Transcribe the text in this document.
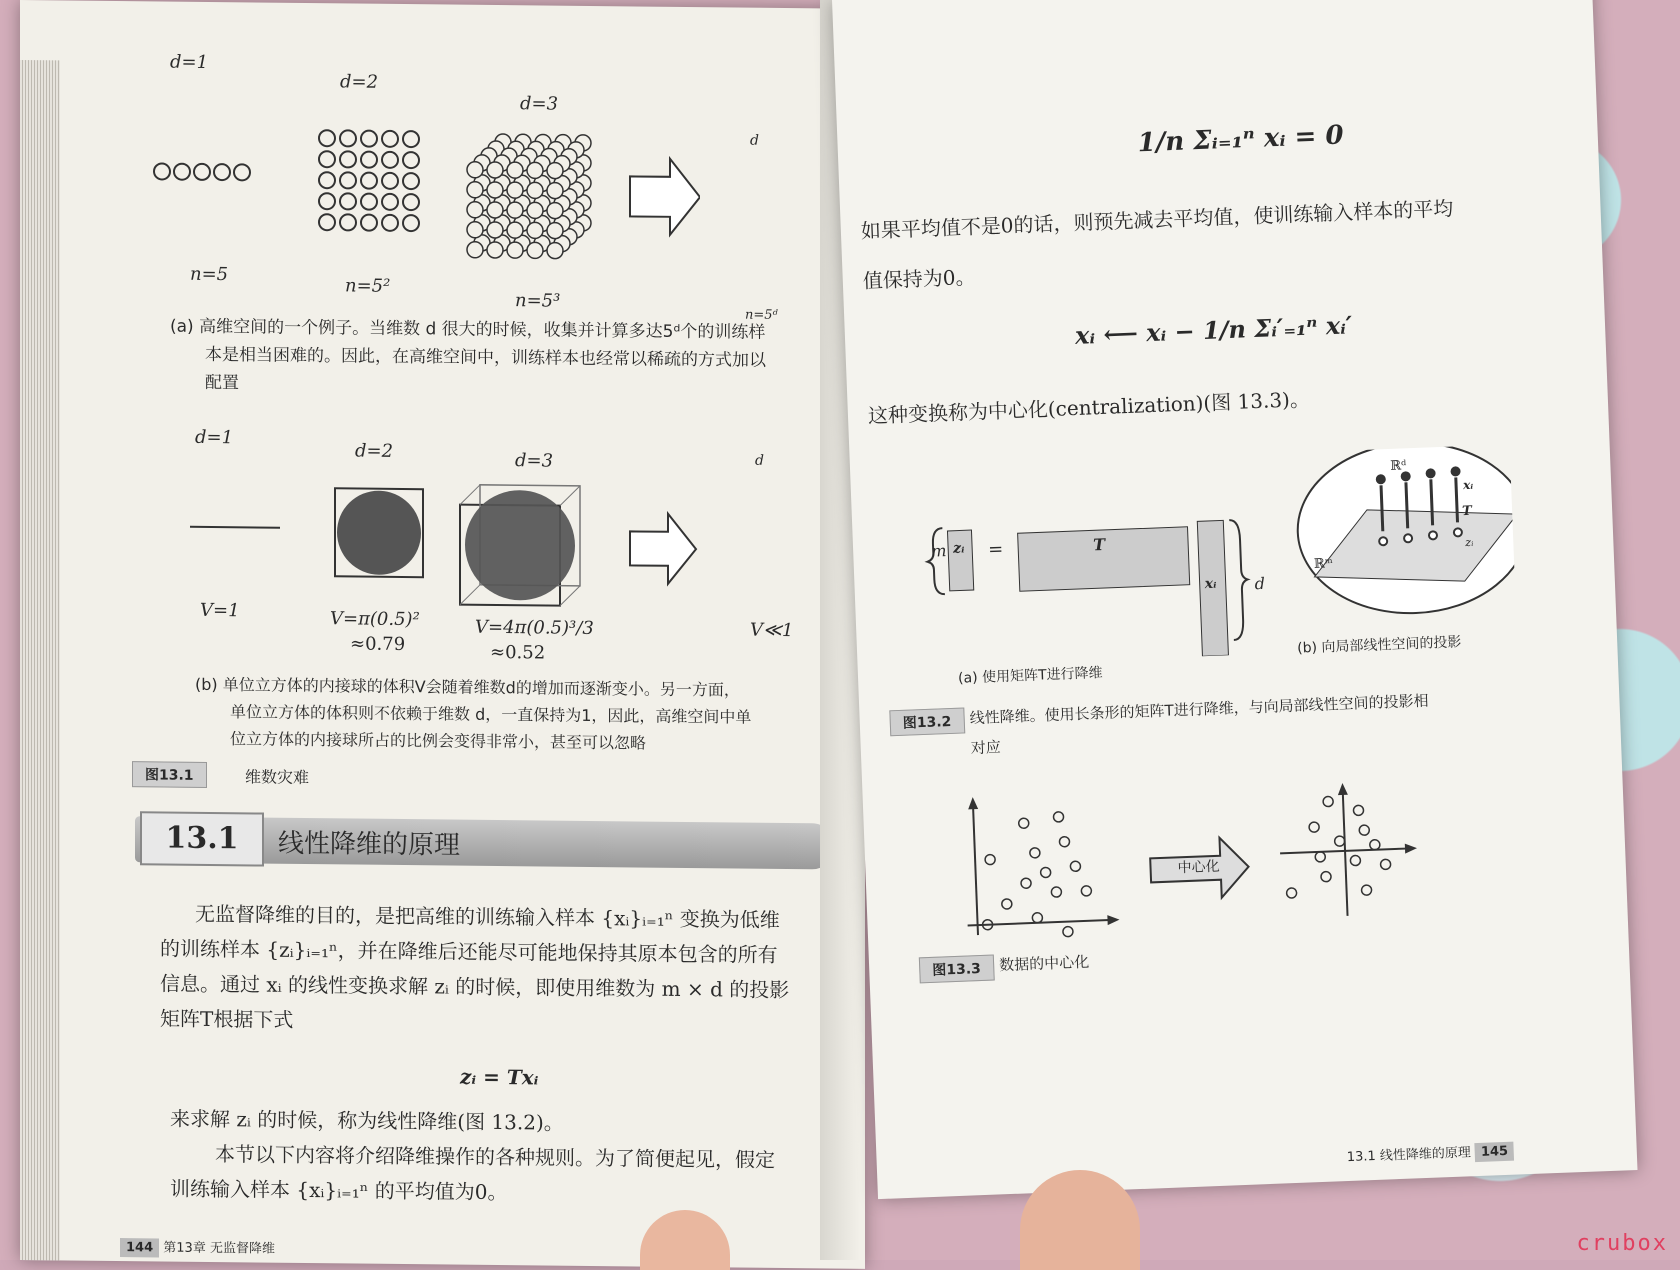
d=1
d=2
d=3
d
n=5
n=5²
n=5³
n=5ᵈ
(a) 高维空间的一个例子。当维数 d 很大的时候，收集并计算多达5ᵈ个的训练样
本是相当困难的。因此，在高维空间中，训练样本也经常以稀疏的方式加以
配置
d=1
d=2	d=3	d
V=1	V=π(0.5)²
≈0.79
V=4π(0.5)³/3
≈0.52
V≪1
(b) 单位立方体的内接球的体积V会随着维数d的增加而逐渐变小。另一方面，
单位立方体的体积则不依赖于维数 d，一直保持为1，因此，高维空间中单
位立方体的内接球所占的比例会变得非常小，甚至可以忽略
图13.1	维数灾难
13.1	线性降维的原理
无监督降维的目的，是把高维的训练输入样本 {xᵢ}ᵢ₌₁ⁿ 变换为低维
的训练样本 {zᵢ}ᵢ₌₁ⁿ，并在降维后还能尽可能地保持其原本包含的所有
信息。通过 xᵢ 的线性变换求解 zᵢ 的时候，即使用维数为 m × d 的投影
矩阵T根据下式
zᵢ = Txᵢ
来求解 zᵢ 的时候，称为线性降维(图 13.2)。
本节以下内容将介绍降维操作的各种规则。为了简便起见，假定
训练输入样本 {xᵢ}ᵢ₌₁ⁿ 的平均值为0。
144 第13章 无监督降维
1/n Σᵢ₌₁ⁿ xᵢ = 0
如果平均值不是0的话，则预先减去平均值，使训练输入样本的平均
值保持为0。
xᵢ ⟵ xᵢ − 1/n Σᵢ′₌₁ⁿ xᵢ′
这种变换称为中心化(centralization)(图 13.3)。
m zᵢ =	T
xᵢ d
ℝᵈ
ℝᵐ
T
xᵢ
zᵢ
(a) 使用矩阵T进行降维
(b) 向局部线性空间的投影
图13.2	线性降维。使用长条形的矩阵T进行降维，与向局部线性空间的投影相
对应
中心化
图13.3	数据的中心化
13.1 线性降维的原理 145
crubox
